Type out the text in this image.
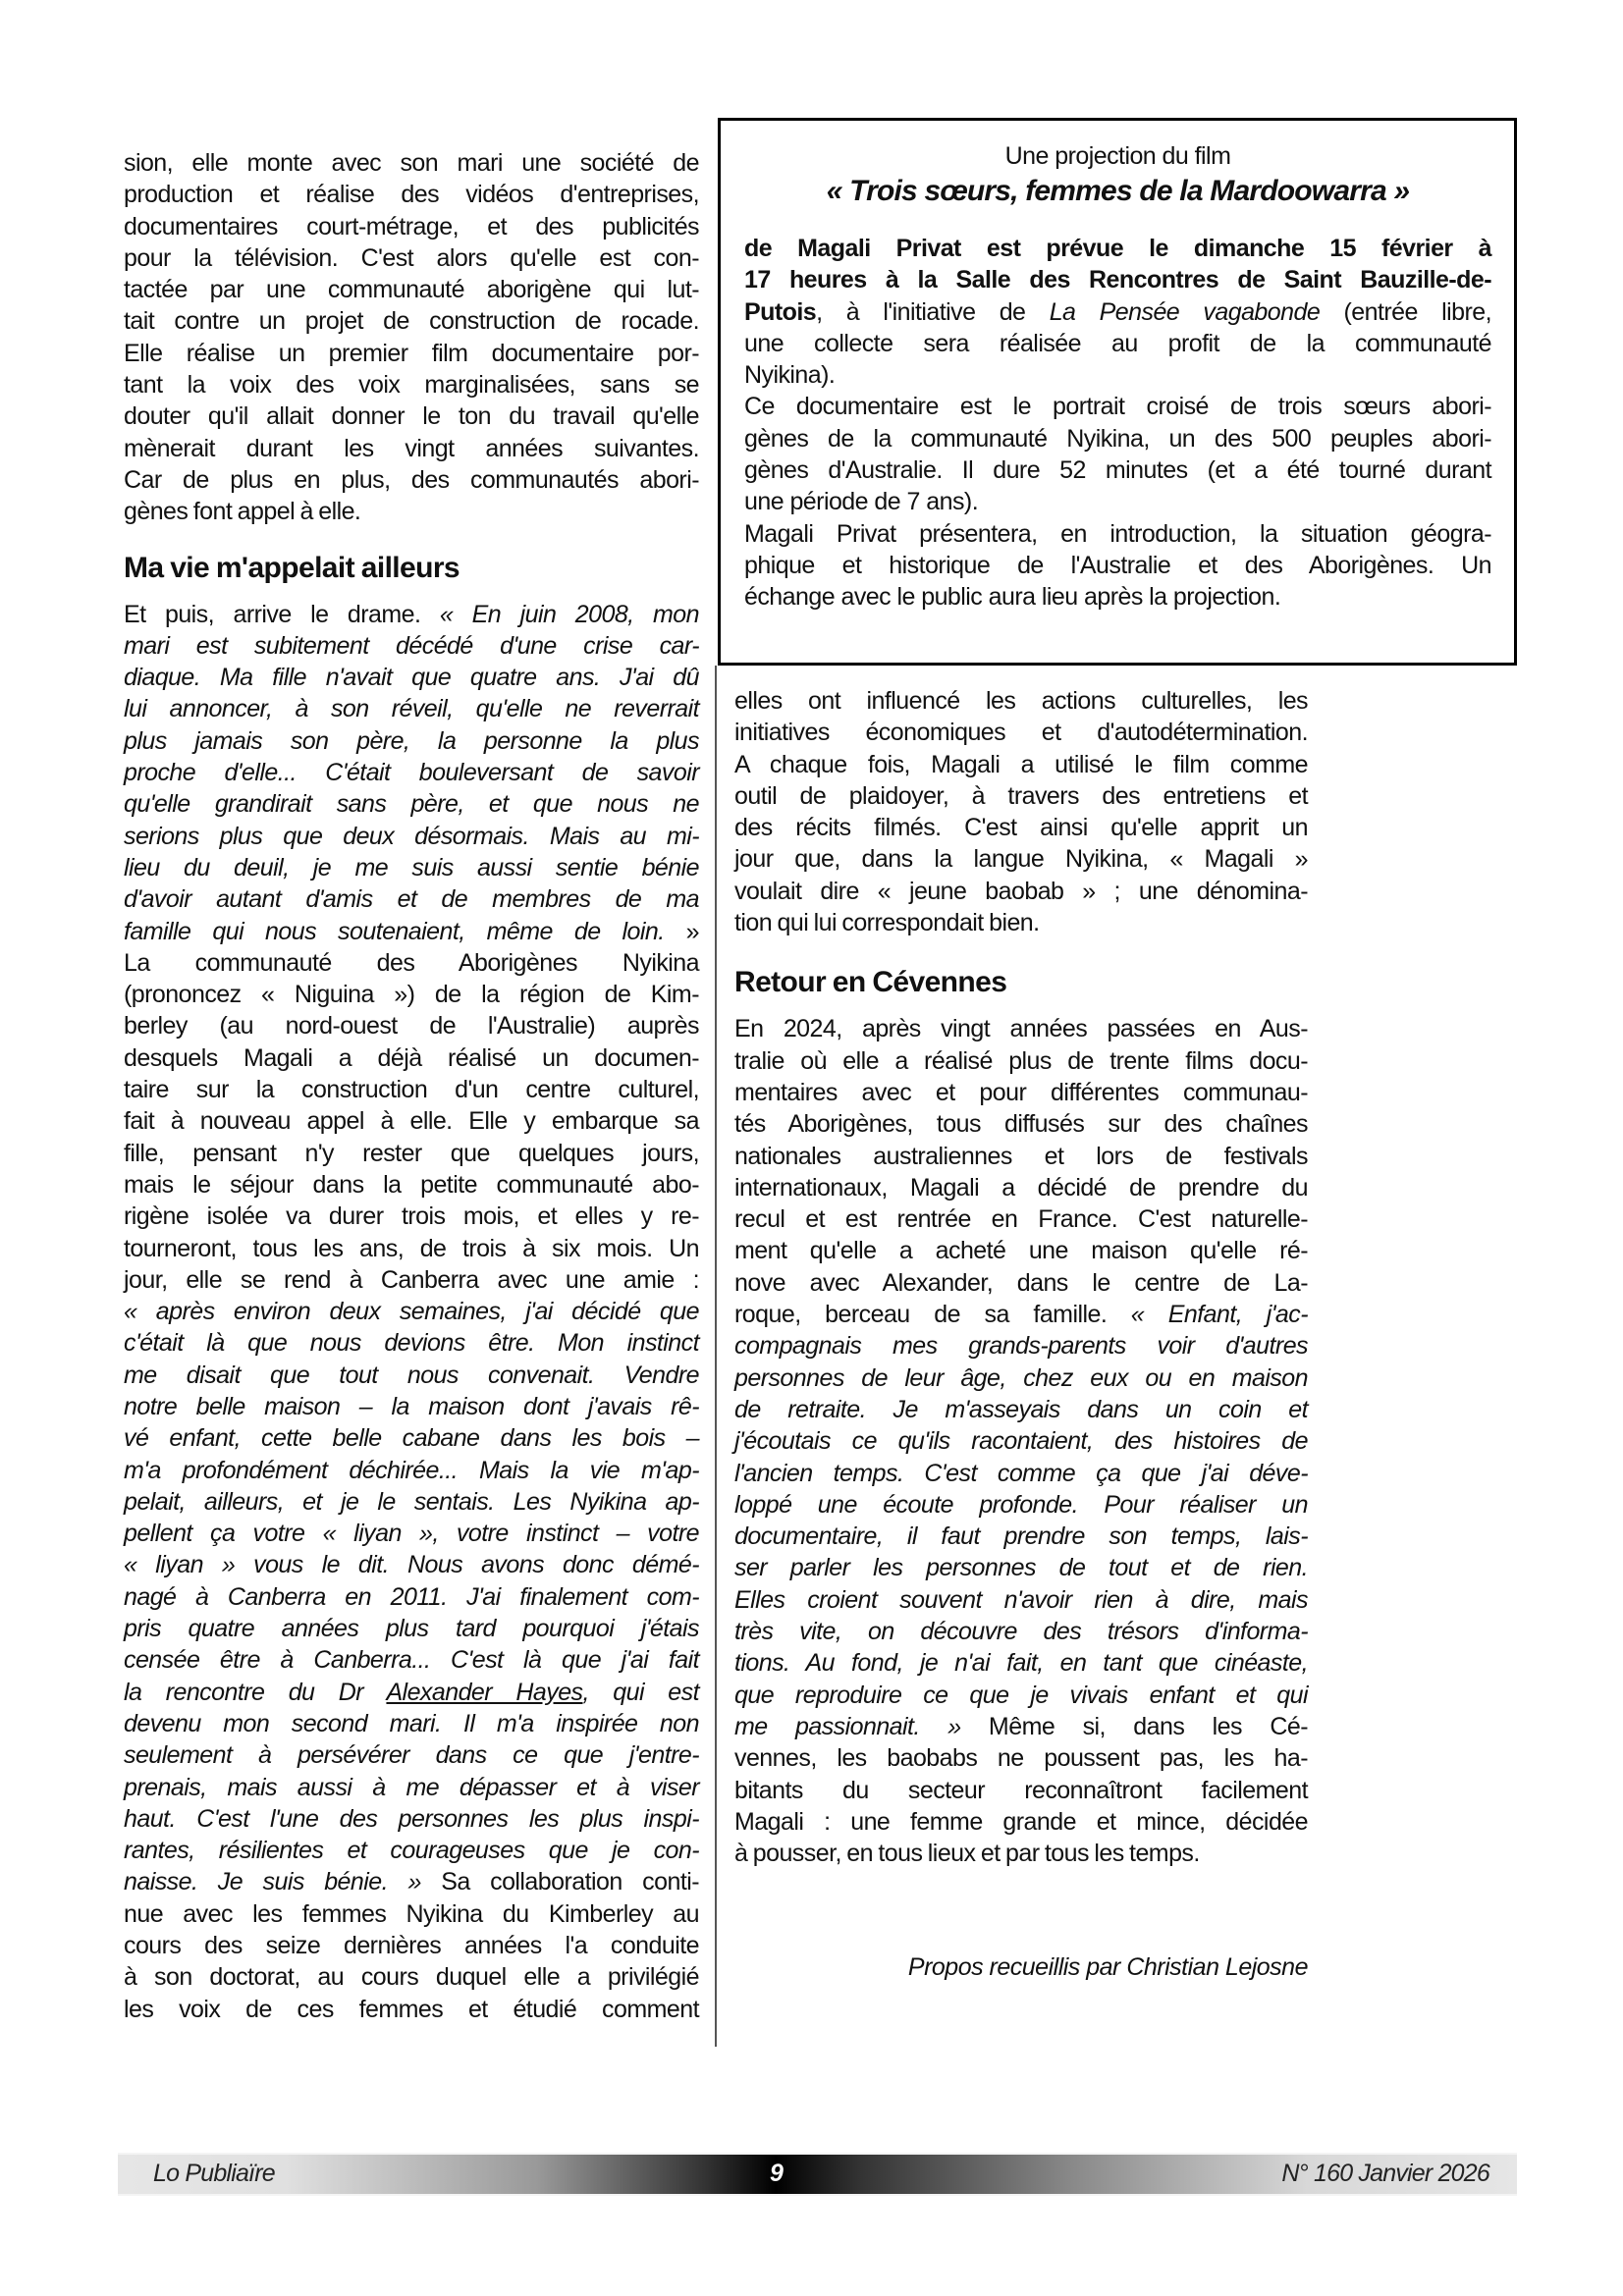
Une projection du film
« Trois sœurs, femmes de la Mardoowarra »
de Magali Privat est prévue le dimanche 15 février à
17 heures à la Salle des Rencontres de Saint Bauzille-de-
Putois, à l'initiative de La Pensée vagabonde (entrée libre,
une collecte sera réalisée au profit de la communauté
Nyikina).
Ce documentaire est le portrait croisé de trois sœurs abori-
gènes de la communauté Nyikina, un des 500 peuples abori-
gènes d'Australie. Il dure 52 minutes (et a été tourné durant
une période de 7 ans).
Magali Privat présentera, en introduction, la situation géogra-
phique et historique de l'Australie et des Aborigènes. Un
échange avec le public aura lieu après la projection.
sion, elle monte avec son mari une société de
production et réalise des vidéos d'entreprises,
documentaires court-métrage, et des publicités
pour la télévision. C'est alors qu'elle est con-
tactée par une communauté aborigène qui lut-
tait contre un projet de construction de rocade.
Elle réalise un premier film documentaire por-
tant la voix des voix marginalisées, sans se
douter qu'il allait donner le ton du travail qu'elle
mènerait durant les vingt années suivantes.
Car de plus en plus, des communautés abori-
gènes font appel à elle.
Ma vie m'appelait ailleurs
Et puis, arrive le drame. « En juin 2008, mon
mari est subitement décédé d'une crise car-
diaque. Ma fille n'avait que quatre ans. J'ai dû
lui annoncer, à son réveil, qu'elle ne reverrait
plus jamais son père, la personne la plus
proche d'elle... C'était bouleversant de savoir
qu'elle grandirait sans père, et que nous ne
serions plus que deux désormais. Mais au mi-
lieu du deuil, je me suis aussi sentie bénie
d'avoir autant d'amis et de membres de ma
famille qui nous soutenaient, même de loin. »
La communauté des Aborigènes Nyikina
(prononcez « Niguina ») de la région de Kim-
berley (au nord-ouest de l'Australie) auprès
desquels Magali a déjà réalisé un documen-
taire sur la construction d'un centre culturel,
fait à nouveau appel à elle. Elle y embarque sa
fille, pensant n'y rester que quelques jours,
mais le séjour dans la petite communauté abo-
rigène isolée va durer trois mois, et elles y re-
tourneront, tous les ans, de trois à six mois. Un
jour, elle se rend à Canberra avec une amie :
« après environ deux semaines, j'ai décidé que
c'était là que nous devions être. Mon instinct
me disait que tout nous convenait. Vendre
notre belle maison – la maison dont j'avais rê-
vé enfant, cette belle cabane dans les bois –
m'a profondément déchirée... Mais la vie m'ap-
pelait, ailleurs, et je le sentais. Les Nyikina ap-
pellent ça votre « liyan », votre instinct – votre
« liyan » vous le dit. Nous avons donc démé-
nagé à Canberra en 2011. J'ai finalement com-
pris quatre années plus tard pourquoi j'étais
censée être à Canberra... C'est là que j'ai fait
la rencontre du Dr Alexander Hayes, qui est
devenu mon second mari. Il m'a inspirée non
seulement à persévérer dans ce que j'entre-
prenais, mais aussi à me dépasser et à viser
haut. C'est l'une des personnes les plus inspi-
rantes, résilientes et courageuses que je con-
naisse. Je suis bénie. » Sa collaboration conti-
nue avec les femmes Nyikina du Kimberley au
cours des seize dernières années l'a conduite
à son doctorat, au cours duquel elle a privilégié
les voix de ces femmes et étudié comment
elles ont influencé les actions culturelles, les
initiatives économiques et d'autodétermination.
A chaque fois, Magali a utilisé le film comme
outil de plaidoyer, à travers des entretiens et
des récits filmés. C'est ainsi qu'elle apprit un
jour que, dans la langue Nyikina, « Magali »
voulait dire « jeune baobab » ; une dénomina-
tion qui lui correspondait bien.
Retour en Cévennes
En 2024, après vingt années passées en Aus-
tralie où elle a réalisé plus de trente films docu-
mentaires avec et pour différentes communau-
tés Aborigènes, tous diffusés sur des chaînes
nationales australiennes et lors de festivals
internationaux, Magali a décidé de prendre du
recul et est rentrée en France. C'est naturelle-
ment qu'elle a acheté une maison qu'elle ré-
nove avec Alexander, dans le centre de La-
roque, berceau de sa famille. « Enfant, j'ac-
compagnais mes grands-parents voir d'autres
personnes de leur âge, chez eux ou en maison
de retraite. Je m'asseyais dans un coin et
j'écoutais ce qu'ils racontaient, des histoires de
l'ancien temps. C'est comme ça que j'ai déve-
loppé une écoute profonde. Pour réaliser un
documentaire, il faut prendre son temps, lais-
ser parler les personnes de tout et de rien.
Elles croient souvent n'avoir rien à dire, mais
très vite, on découvre des trésors d'informa-
tions. Au fond, je n'ai fait, en tant que cinéaste,
que reproduire ce que je vivais enfant et qui
me passionnait. » Même si, dans les Cé-
vennes, les baobabs ne poussent pas, les ha-
bitants du secteur reconnaîtront facilement
Magali : une femme grande et mince, décidée
à pousser, en tous lieux et par tous les temps.
Propos recueillis par Christian Lejosne
Lo Publiaïre	9	N° 160 Janvier 2026
